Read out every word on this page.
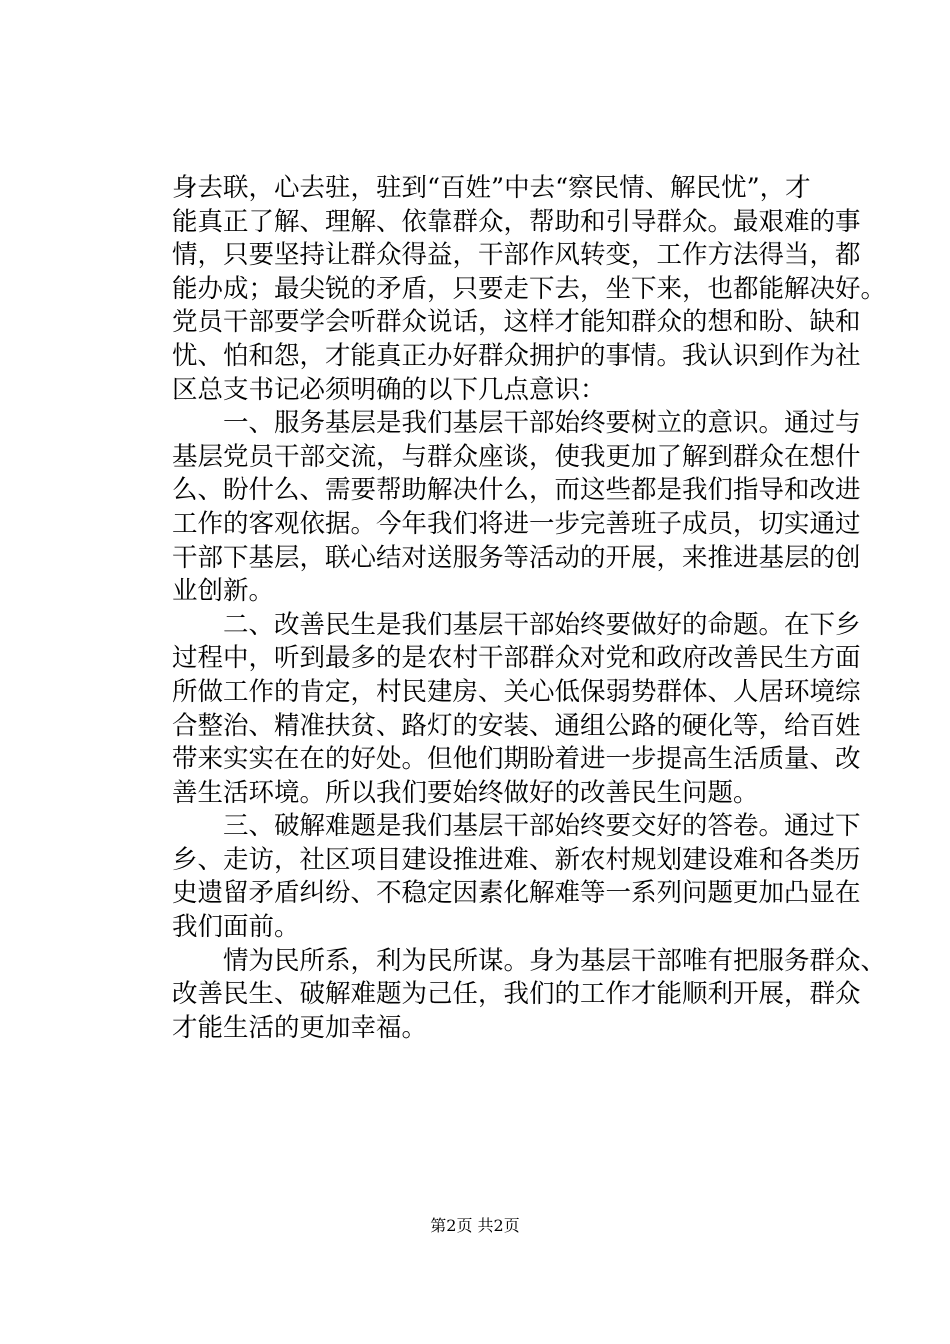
身去联，心去驻，驻到“百姓”中去“察民情、解民忧”，才
能真正了解、理解、依靠群众，帮助和引导群众。最艰难的事
情，只要坚持让群众得益，干部作风转变，工作方法得当，都
能办成；最尖锐的矛盾，只要走下去，坐下来，也都能解决好。
党员干部要学会听群众说话，这样才能知群众的想和盼、缺和
忧、怕和怨，才能真正办好群众拥护的事情。我认识到作为社
区总支书记必须明确的以下几点意识：
一、服务基层是我们基层干部始终要树立的意识。通过与
基层党员干部交流，与群众座谈，使我更加了解到群众在想什
么、盼什么、需要帮助解决什么，而这些都是我们指导和改进
工作的客观依据。今年我们将进一步完善班子成员，切实通过
干部下基层，联心结对送服务等活动的开展，来推进基层的创
业创新。
二、改善民生是我们基层干部始终要做好的命题。在下乡
过程中，听到最多的是农村干部群众对党和政府改善民生方面
所做工作的肯定，村民建房、关心低保弱势群体、人居环境综
合整治、精准扶贫、路灯的安装、通组公路的硬化等，给百姓
带来实实在在的好处。但他们期盼着进一步提高生活质量、改
善生活环境。所以我们要始终做好的改善民生问题。
三、破解难题是我们基层干部始终要交好的答卷。通过下
乡、走访，社区项目建设推进难、新农村规划建设难和各类历
史遗留矛盾纠纷、不稳定因素化解难等一系列问题更加凸显在
我们面前。
情为民所系，利为民所谋。身为基层干部唯有把服务群众、
改善民生、破解难题为己任，我们的工作才能顺利开展，群众
才能生活的更加幸福。
第2页 共2页
